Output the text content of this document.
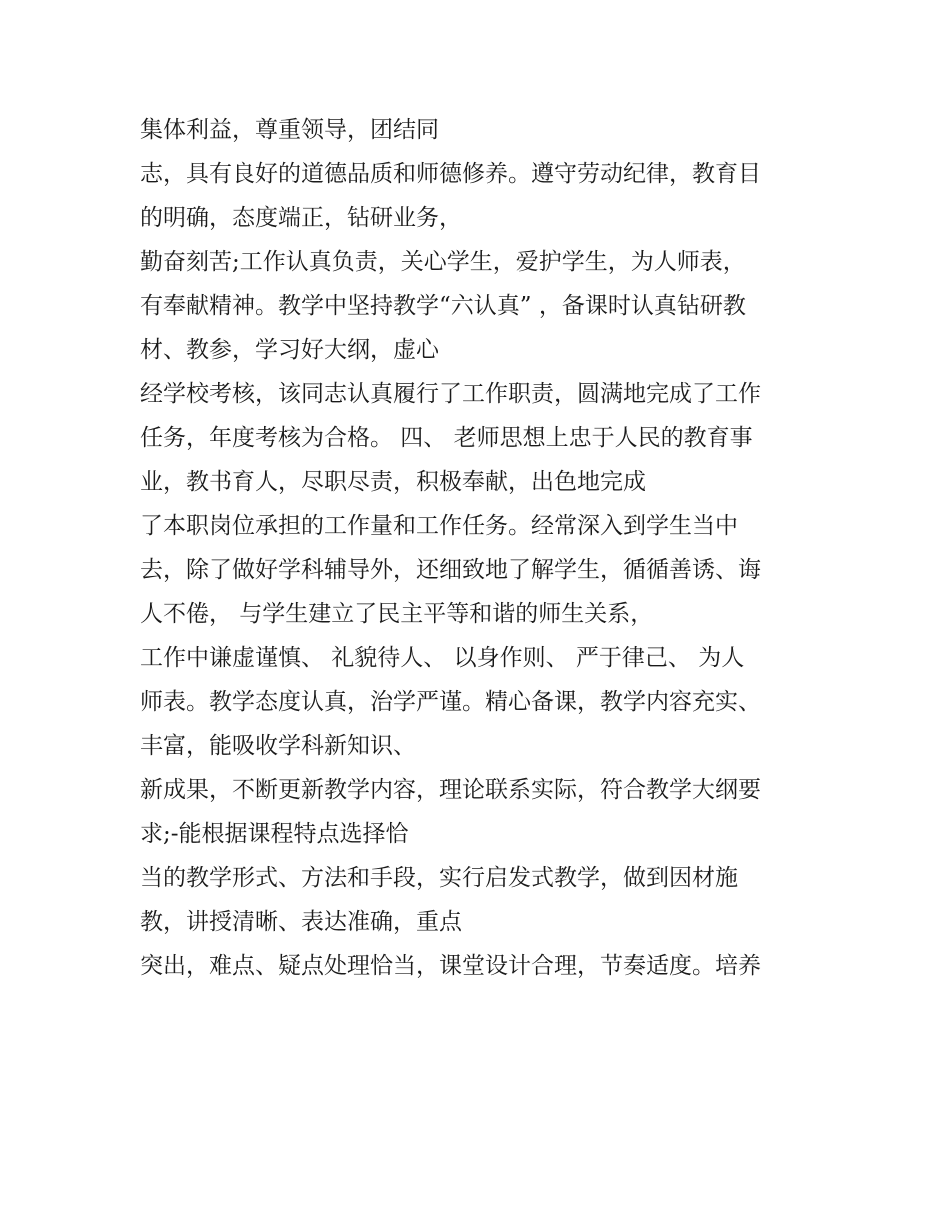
集体利益，尊重领导，团结同
志，具有良好的道德品质和师德修养。遵守劳动纪律，教育目
的明确，态度端正，钻研业务，
勤奋刻苦;工作认真负责，关心学生，爱护学生，为人师表，
有奉献精神。教学中坚持教学“六认真” ，备课时认真钻研教
材、教参，学习好大纲，虚心
经学校考核，该同志认真履行了工作职责，圆满地完成了工作
任务，年度考核为合格。 四、 老师思想上忠于人民的教育事
业，教书育人，尽职尽责，积极奉献，出色地完成
了本职岗位承担的工作量和工作任务。经常深入到学生当中
去，除了做好学科辅导外，还细致地了解学生，循循善诱、诲
人不倦， 与学生建立了民主平等和谐的师生关系，
工作中谦虚谨慎、 礼貌待人、 以身作则、 严于律己、 为人
师表。教学态度认真，治学严谨。精心备课，教学内容充实、
丰富，能吸收学科新知识、
新成果，不断更新教学内容，理论联系实际，符合教学大纲要
求;-能根据课程特点选择恰
当的教学形式、方法和手段，实行启发式教学，做到因材施
教，讲授清晰、表达准确，重点
突出，难点、疑点处理恰当，课堂设计合理，节奏适度。培养
